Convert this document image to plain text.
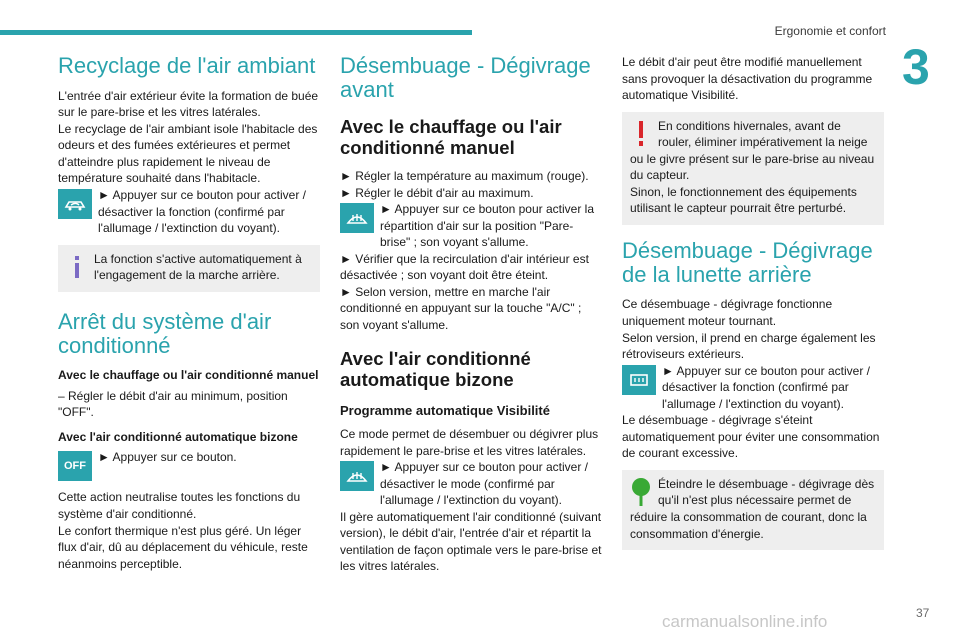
Ergonomie et confort
3
Recyclage de l'air ambiant

L'entrée d'air extérieur évite la formation de buée sur le pare-brise et les vitres latérales.
Le recyclage de l'air ambiant isole l'habitacle des odeurs et des fumées extérieures et permet d'atteindre plus rapidement le niveau de température souhaité dans l'habitacle.

► Appuyer sur ce bouton pour activer / désactiver la fonction (confirmé par l'allumage / l'extinction du voyant).

La fonction s'active automatiquement à l'engagement de la marche arrière.

Arrêt du système d'air conditionné

Avec le chauffage ou l'air conditionné manuel

– Régler le débit d'air au minimum, position "OFF".

Avec l'air conditionné automatique bizone

OFF

► Appuyer sur ce bouton.

Cette action neutralise toutes les fonctions du système d'air conditionné.
Le confort thermique n'est plus géré. Un léger flux d'air, dû au déplacement du véhicule, reste néanmoins perceptible.

Désembuage - Dégivrage avant
Avec le chauffage ou l'air conditionné manuel

► Régler la température au maximum (rouge).

► Régler le débit d'air au maximum.

► Appuyer sur ce bouton pour activer la répartition d'air sur la position "Pare-brise" ; son voyant s'allume.

► Vérifier que la recirculation d'air intérieur est désactivée ; son voyant doit être éteint.

► Selon version, mettre en marche l'air conditionné en appuyant sur la touche "A/C" ; son voyant s'allume.

Avec l'air conditionné automatique bizone

Programme automatique Visibilité

Ce mode permet de désembuer ou dégivrer plus rapidement le pare-brise et les vitres latérales.

► Appuyer sur ce bouton pour activer / désactiver le mode (confirmé par l'allumage / l'extinction du voyant).

Il gère automatiquement l'air conditionné (suivant version), le débit d'air, l'entrée d'air et répartit la ventilation de façon optimale vers le pare-brise et les vitres latérales.

Le débit d'air peut être modifié manuellement sans provoquer la désactivation du programme automatique Visibilité.

En conditions hivernales, avant de rouler, éliminer impérativement la neige ou le givre présent sur le pare-brise au niveau du capteur.
Sinon, le fonctionnement des équipements utilisant le capteur pourrait être perturbé.

Désembuage - Dégivrage de la lunette arrière

Ce désembuage - dégivrage fonctionne uniquement moteur tournant.
Selon version, il prend en charge également les rétroviseurs extérieurs.

► Appuyer sur ce bouton pour activer / désactiver la fonction (confirmé par l'allumage / l'extinction du voyant).

Le désembuage - dégivrage s'éteint automatiquement pour éviter une consommation de courant excessive.

Éteindre le désembuage - dégivrage dès qu'il n'est plus nécessaire permet de réduire la consommation de courant, donc la consommation d'énergie.

carmanualsonline.info	37
